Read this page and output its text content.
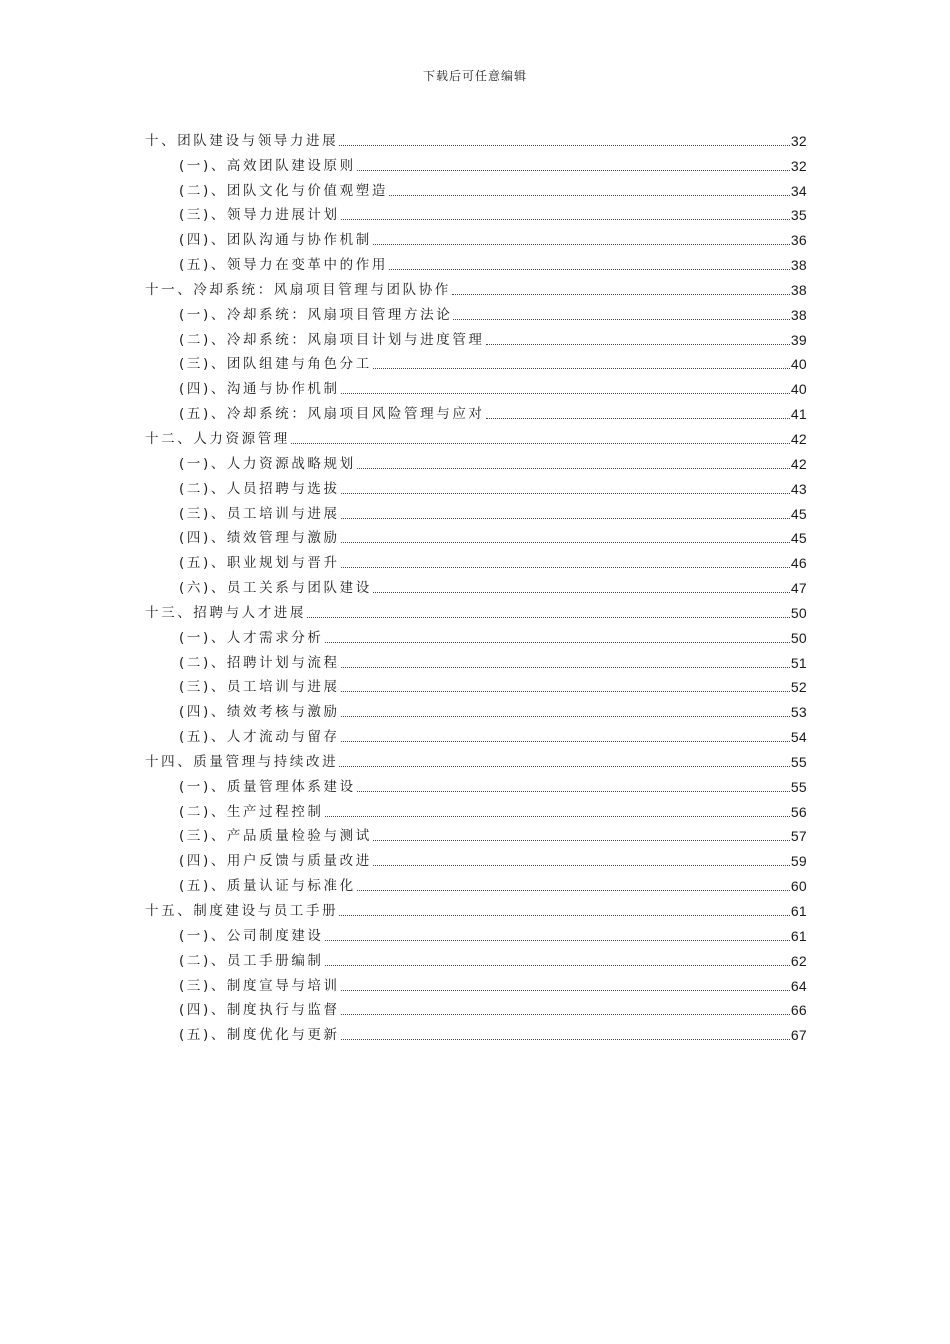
下载后可任意编辑
十、团队建设与领导力进展	32
(一)、高效团队建设原则	32
(二)、团队文化与价值观塑造	34
(三)、领导力进展计划	35
(四)、团队沟通与协作机制	36
(五)、领导力在变革中的作用	38
十一、冷却系统：风扇项目管理与团队协作	38
(一)、冷却系统：风扇项目管理方法论	38
(二)、冷却系统：风扇项目计划与进度管理	39
(三)、团队组建与角色分工	40
(四)、沟通与协作机制	40
(五)、冷却系统：风扇项目风险管理与应对	41
十二、人力资源管理	42
(一)、人力资源战略规划	42
(二)、人员招聘与选拔	43
(三)、员工培训与进展	45
(四)、绩效管理与激励	45
(五)、职业规划与晋升	46
(六)、员工关系与团队建设	47
十三、招聘与人才进展	50
(一)、人才需求分析	50
(二)、招聘计划与流程	51
(三)、员工培训与进展	52
(四)、绩效考核与激励	53
(五)、人才流动与留存	54
十四、质量管理与持续改进	55
(一)、质量管理体系建设	55
(二)、生产过程控制	56
(三)、产品质量检验与测试	57
(四)、用户反馈与质量改进	59
(五)、质量认证与标准化	60
十五、制度建设与员工手册	61
(一)、公司制度建设	61
(二)、员工手册编制	62
(三)、制度宣导与培训	64
(四)、制度执行与监督	66
(五)、制度优化与更新	67
